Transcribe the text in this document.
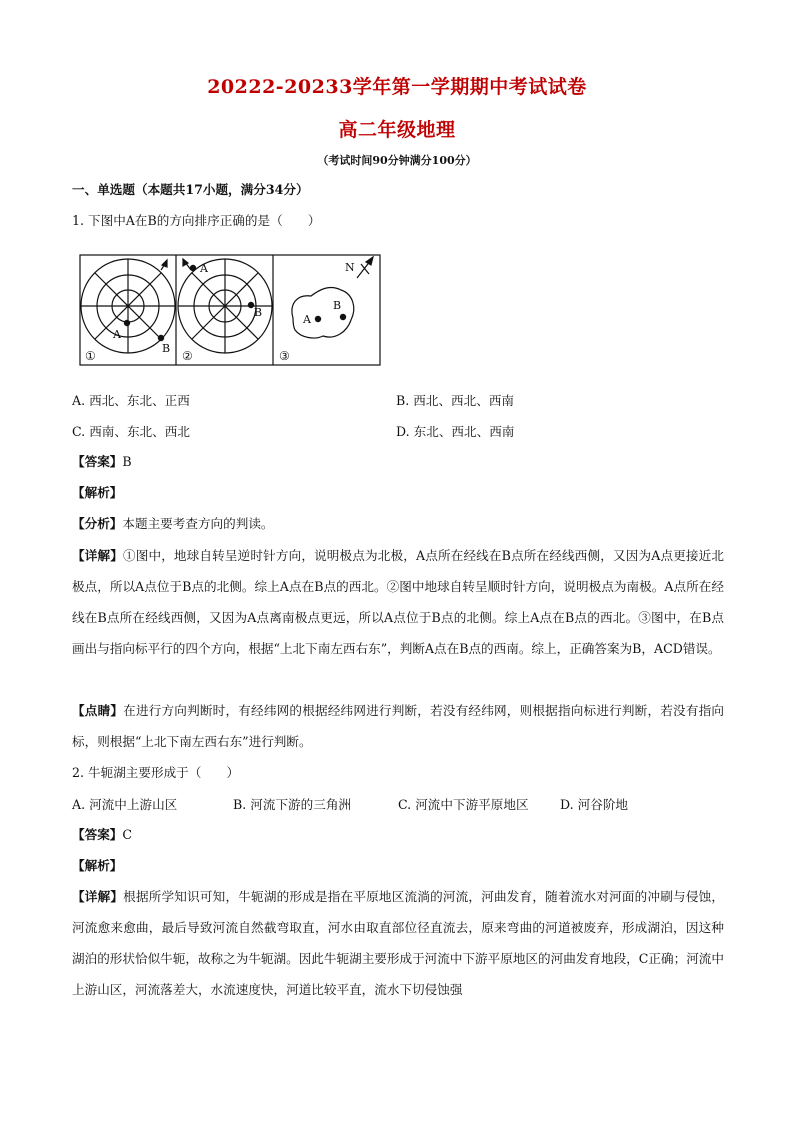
20222-20233学年第一学期期中考试试卷
高二年级地理
（考试时间90分钟满分100分）
一、单选题（本题共17小题，满分34分）
1. 下图中A在B的方向排序正确的是（　　）
A
B
A
B
A
B
N
①	②	③
A. 西北、东北、正西	B. 西北、西北、西南
C. 西南、东北、西北	D. 东北、西北、西南
【答案】B
【解析】
【分析】本题主要考查方向的判读。
【详解】①图中，地球自转呈逆时针方向，说明极点为北极，A点所在经线在B点所在经线西侧，又因为A点更接近北极点，所以A点位于B点的北侧。综上A点在B点的西北。②图中地球自转呈顺时针方向，说明极点为南极。A点所在经线在B点所在经线西侧，又因为A点离南极点更远，所以A点位于B点的北侧。综上A点在B点的西北。③图中，在B点画出与指向标平行的四个方向，根据“上北下南左西右东”，判断A点在B点的西南。综上，正确答案为B，ACD错误。
【点睛】在进行方向判断时，有经纬网的根据经纬网进行判断，若没有经纬网，则根据指向标进行判断，若没有指向标，则根据“上北下南左西右东”进行判断。
2. 牛轭湖主要形成于（　　）
A. 河流中上游山区	B. 河流下游的三角洲	C. 河流中下游平原地区 D. 河谷阶地
【答案】C
【解析】
【详解】根据所学知识可知，牛轭湖的形成是指在平原地区流淌的河流，河曲发育，随着流水对河面的冲刷与侵蚀，河流愈来愈曲，最后导致河流自然截弯取直，河水由取直部位径直流去，原来弯曲的河道被废弃，形成湖泊，因这种湖泊的形状恰似牛轭，故称之为牛轭湖。因此牛轭湖主要形成于河流中下游平原地区的河曲发育地段，C正确；河流中上游山区，河流落差大，水流速度快，河道比较平直，流水下切侵蚀强
